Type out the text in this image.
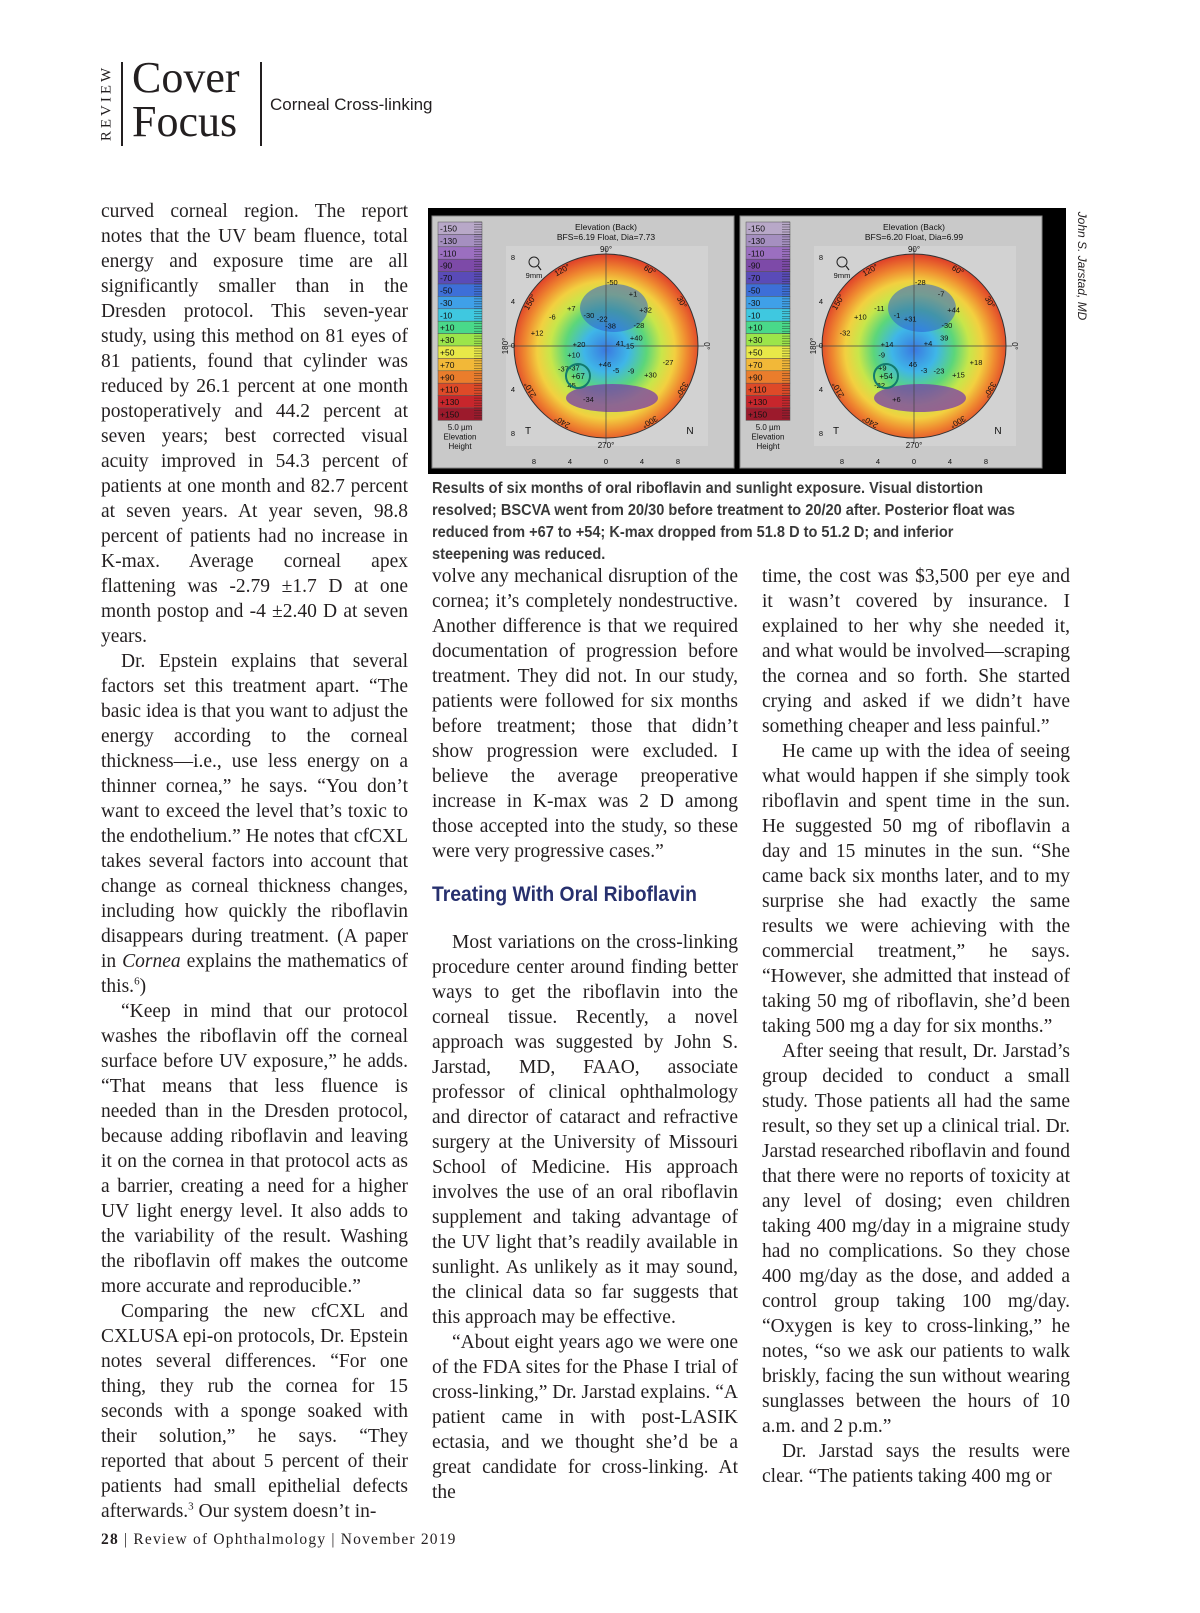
REVIEW Cover
Focus Corneal Cross-linking

curved corneal region. The report notes that the UV beam fluence, total energy and exposure time are all significantly smaller than in the Dresden protocol. This seven-year study, using this method on 81 eyes of 81 patients, found that cylinder was reduced by 26.1 percent at one month postoperatively and 44.2 percent at seven years; best corrected visual acuity improved in 54.3 percent of patients at one month and 82.7 percent at seven years. At year seven, 98.8 percent of patients had no increase in K-max. Average corneal apex flattening was -2.79 ±1.7 D at one month postop and -4 ±2.40 D at seven years.

Dr. Epstein explains that several factors set this treatment apart. “The basic idea is that you want to adjust the energy according to the corneal thickness—i.e., use less energy on a thinner cornea,” he says. “You don’t want to exceed the level that’s toxic to the endothelium.” He notes that cfCXL takes several factors into account that change as corneal thickness changes, including how quickly the riboflavin disappears during treatment. (A paper in Cornea explains the mathematics of this.$^6$)

“Keep in mind that our protocol washes the riboflavin off the corneal surface before UV exposure,” he adds. “That means that less fluence is needed than in the Dresden protocol, because adding riboflavin and leaving it on the cornea in that protocol acts as a barrier, creating a need for a higher UV light energy level. It also adds to the variability of the result. Washing the riboflavin off makes the outcome more accurate and reproducible.”

Comparing the new cfCXL and CXLUSA epi-on protocols, Dr. Epstein notes several differences. “For one thing, they rub the cornea for 15 seconds with a sponge soaked with their solution,” he says. “They reported that about 5 percent of their patients had small epithelial defects afterwards.$^3$ Our system doesn’t in-

-150
-130
-110
-90
-70
-50
-30
-10
+10
+30
+50
+70
+90
+110
+130
+150
5.0 µm
Elevation
Height
Elevation (Back)
BFS=6.19 Float, Dia=7.73
90°
270°
180°	0°
120°	60°
150°	30°
210°	330°
240°	300°
T	N
9mm
8
4
0
4
8
8	4	0	4	8
41
-37
-50
-9
+12
-28
-34
-30
-27
+10
+1
-5
-6
+40
45
-22
+30
+20
+32
+46
+7
-15
-37
-38
+67
-150
-130
-110
-90
-70
-50
-30
-10
+10
+30
+50
+70
+90
+110
+130
+150
5.0 µm
Elevation
Height
Elevation (Back)
BFS=6.20 Float, Dia=6.99
90°
270°
180°	0°
120°	60°
150°	30°
210°	330°
240°	300°
T	N
9mm
8
4
0
4
8
8	4	0	4	8
+4
+9
-28
-23
-32
-30
+6
-1
+18
-9
-7
-3
+10
39
-22
+31
+15
+14
+44
46
-11
+54
John S. Jarstad, MD
Results of six months of oral riboflavin and sunlight exposure. Visual distortion resolved; BSCVA went from 20/30 before treatment to 20/20 after. Posterior float was reduced from +67 to +54; K-max dropped from 51.8 D to 51.2 D; and inferior steepening was reduced.

volve any mechanical disruption of the cornea; it’s completely nondestructive. Another difference is that we required documentation of progression before treatment. They did not. In our study, patients were followed for six months before treatment; those that didn’t show progression were excluded. I believe the average preoperative increase in K-max was 2 D among those accepted into the study, so these were very progressive cases.”

Treating With Oral Riboflavin

Most variations on the cross-linking procedure center around finding better ways to get the riboflavin into the corneal tissue. Recently, a novel approach was suggested by John S. Jarstad, MD, FAAO, associate professor of clinical ophthalmology and director of cataract and refractive surgery at the University of Missouri School of Medicine. His approach involves the use of an oral riboflavin supplement and taking advantage of the UV light that’s readily available in sunlight. As unlikely as it may sound, the clinical data so far suggests that this approach may be effective.

“About eight years ago we were one of the FDA sites for the Phase I trial of cross-linking,” Dr. Jarstad explains. “A patient came in with post-LASIK ectasia, and we thought she’d be a great candidate for cross-linking. At the

time, the cost was $3,500 per eye and it wasn’t covered by insurance. I explained to her why she needed it, and what would be involved—scraping the cornea and so forth. She started crying and asked if we didn’t have something cheaper and less painful.”

He came up with the idea of seeing what would happen if she simply took riboflavin and spent time in the sun. He suggested 50 mg of riboflavin a day and 15 minutes in the sun. “She came back six months later, and to my surprise she had exactly the same results we were achieving with the commercial treatment,” he says. “However, she admitted that instead of taking 50 mg of riboflavin, she’d been taking 500 mg a day for six months.”

After seeing that result, Dr. Jarstad’s group decided to conduct a small study. Those patients all had the same result, so they set up a clinical trial. Dr. Jarstad researched riboflavin and found that there were no reports of toxicity at any level of dosing; even children taking 400 mg/day in a migraine study had no complications. So they chose 400 mg/day as the dose, and added a control group taking 100 mg/day. “Oxygen is key to cross-linking,” he notes, “so we ask our patients to walk briskly, facing the sun without wearing sunglasses between the hours of 10 a.m. and 2 p.m.”

Dr. Jarstad says the results were clear. “The patients taking 400 mg or

28 | Review of Ophthalmology | November 2019
